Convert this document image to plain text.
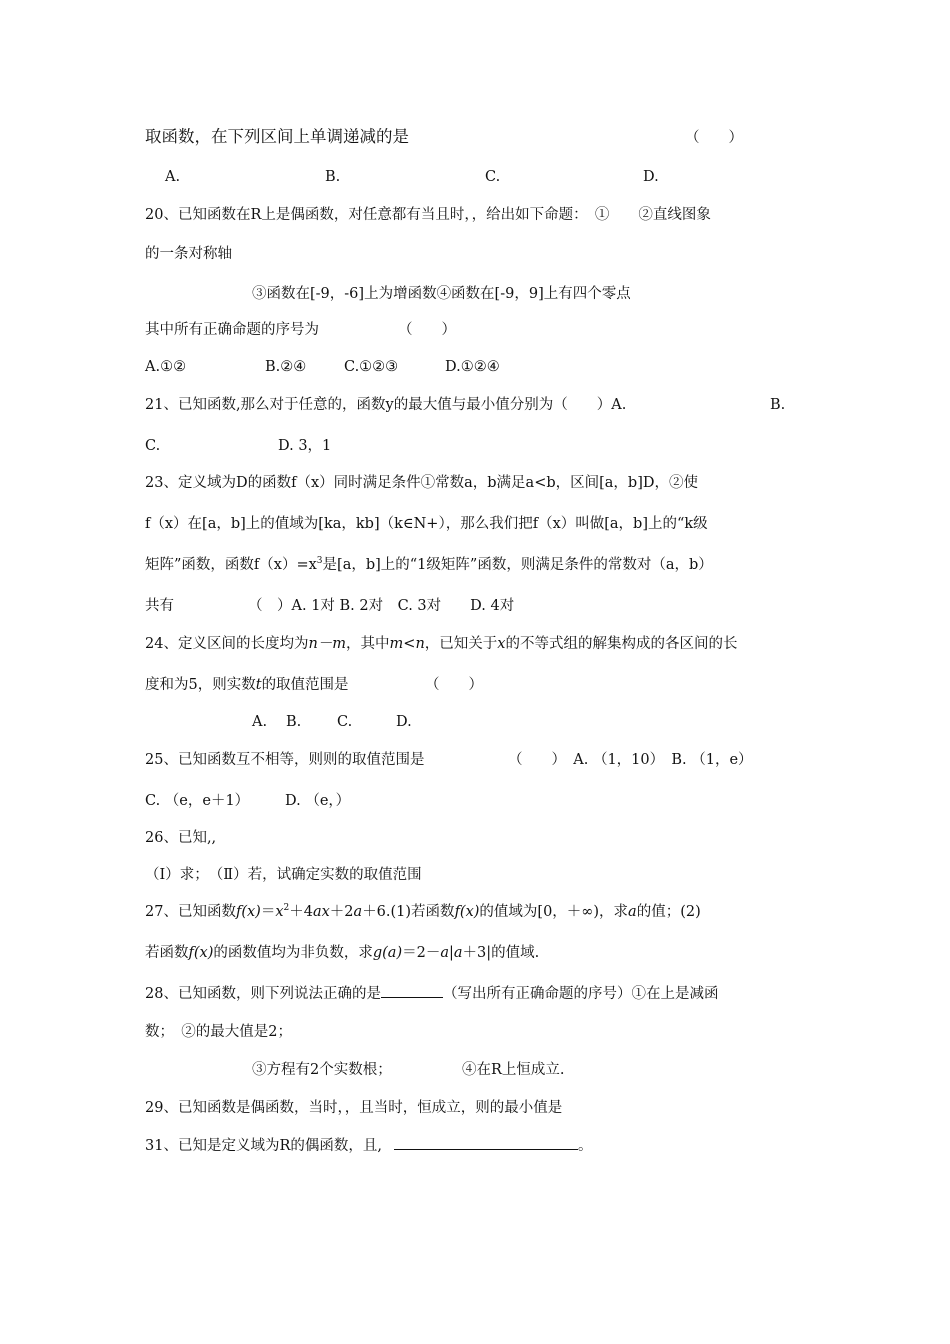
取函数，在下列区间上单调递减的是	（　　）
A.	B.	C.	D.
20、已知函数在R上是偶函数，对任意都有当且时，，给出如下命题：　①　　②直线图象
的一条对称轴
③函数在[-9，-6]上为增函数④函数在[-9，9]上有四个零点
其中所有正确命题的序号为	（　　）
A.①②	B.②④	C.①②③	D.①②④
21、已知函数,那么对于任意的，函数y的最大值与最小值分别为（　　）A.	B.
C.	D. 3，1
23、定义域为D的函数f（x）同时满足条件①常数a，b满足a<b，区间[a，b]D，②使
f（x）在[a，b]上的值域为[ka，kb]（k∈N+），那么我们把f（x）叫做[a，b]上的“k级
矩阵”函数，函数$f(x)=x^3$是[a，b]上的“1级矩阵”函数，则满足条件的常数对（a，b）
共有	（　）A. 1对 B. 2对　C. 3对　　D. 4对
24、定义区间的长度均为n－m，其中m<n，已知关于x的不等式组的解集构成的各区间的长
度和为5，则实数t的取值范围是	（　　）
A. B. C.	D.
25、已知函数互不相等，则则的取值范围是	（　　）　A. （1，10）　B. （1，e）
C. （e，e＋1） D. （e，）
26、已知,,
（Ⅰ）求；　（Ⅱ）若，试确定实数的取值范围
27、已知函数$f(x)=x^2+4ax+2a+6.(1)$若函数f(x)的值域为[0，＋∞)，求a的值；(2)
若函数f(x)的函数值均为非负数，求g(a)＝2－a|a＋3|的值域.
28、已知函数，则下列说法正确的是	（写出所有正确命题的序号）①在上是减函
数；　②的最大值是2；
③方程有2个实数根；	④在R上恒成立.
29、已知函数是偶函数，当时，，且当时，恒成立，则的最小值是
31、已知是定义域为R的偶函数，且,	。
